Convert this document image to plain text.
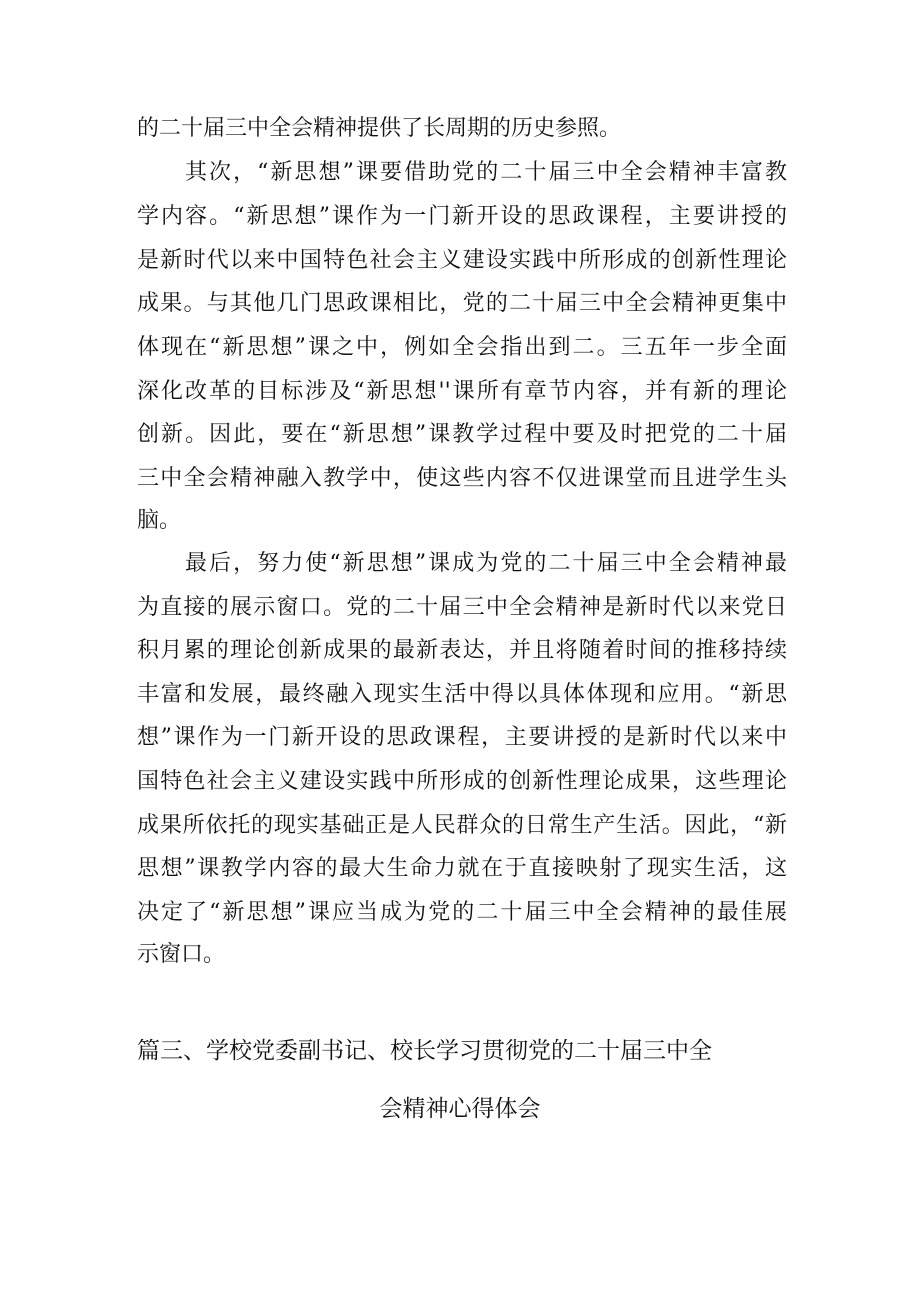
的二十届三中全会精神提供了长周期的历史参照。
其次，“新思想”课要借助党的二十届三中全会精神丰富教
学内容。“新思想”课作为一门新开设的思政课程，主要讲授的
是新时代以来中国特色社会主义建设实践中所形成的创新性理论
成果。与其他几门思政课相比，党的二十届三中全会精神更集中
体现在“新思想”课之中，例如全会指出到二。三五年一步全面
深化改革的目标涉及“新思想''课所有章节内容，并有新的理论
创新。因此，要在“新思想”课教学过程中要及时把党的二十届
三中全会精神融入教学中，使这些内容不仅进课堂而且进学生头
脑。
最后，努力使“新思想”课成为党的二十届三中全会精神最
为直接的展示窗口。党的二十届三中全会精神是新时代以来党日
积月累的理论创新成果的最新表达，并且将随着时间的推移持续
丰富和发展，最终融入现实生活中得以具体体现和应用。“新思
想”课作为一门新开设的思政课程，主要讲授的是新时代以来中
国特色社会主义建设实践中所形成的创新性理论成果，这些理论
成果所依托的现实基础正是人民群众的日常生产生活。因此，“新
思想”课教学内容的最大生命力就在于直接映射了现实生活，这
决定了“新思想”课应当成为党的二十届三中全会精神的最佳展
示窗口。
篇三、学校党委副书记、校长学习贯彻党的二十届三中全
会精神心得体会
